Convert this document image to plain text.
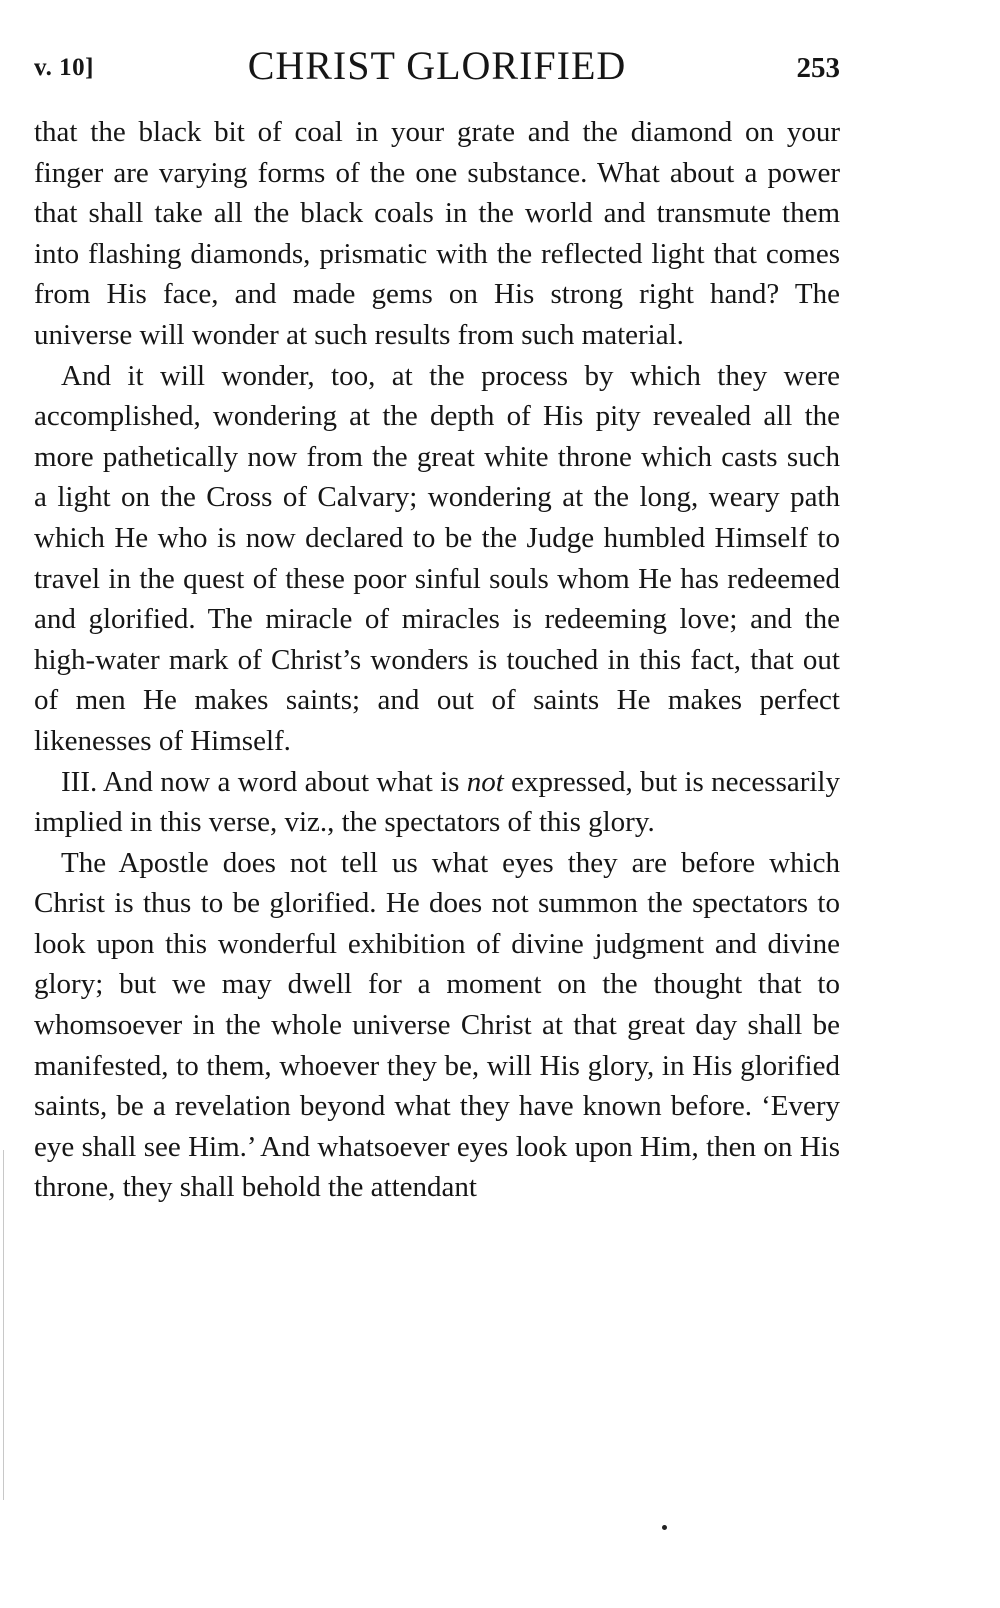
v. 10]	CHRIST GLORIFIED	253

that the black bit of coal in your grate and the diamond on your finger are varying forms of the one substance. What about a power that shall take all the black coals in the world and transmute them into flashing diamonds, prismatic with the reflected light that comes from His face, and made gems on His strong right hand? The universe will wonder at such results from such material.

And it will wonder, too, at the process by which they were accomplished, wondering at the depth of His pity revealed all the more pathetically now from the great white throne which casts such a light on the Cross of Calvary; wondering at the long, weary path which He who is now declared to be the Judge humbled Himself to travel in the quest of these poor sinful souls whom He has redeemed and glorified. The miracle of miracles is redeeming love; and the high-water mark of Christ’s wonders is touched in this fact, that out of men He makes saints; and out of saints He makes perfect likenesses of Himself.

III. And now a word about what is not expressed, but is necessarily implied in this verse, viz., the spectators of this glory.

The Apostle does not tell us what eyes they are before which Christ is thus to be glorified. He does not summon the spectators to look upon this wonderful exhibition of divine judgment and divine glory; but we may dwell for a moment on the thought that to whomsoever in the whole universe Christ at that great day shall be manifested, to them, whoever they be, will His glory, in His glorified saints, be a revelation beyond what they have known before. ‘Every eye shall see Him.’ And whatsoever eyes look upon Him, then on His throne, they shall behold the attendant
